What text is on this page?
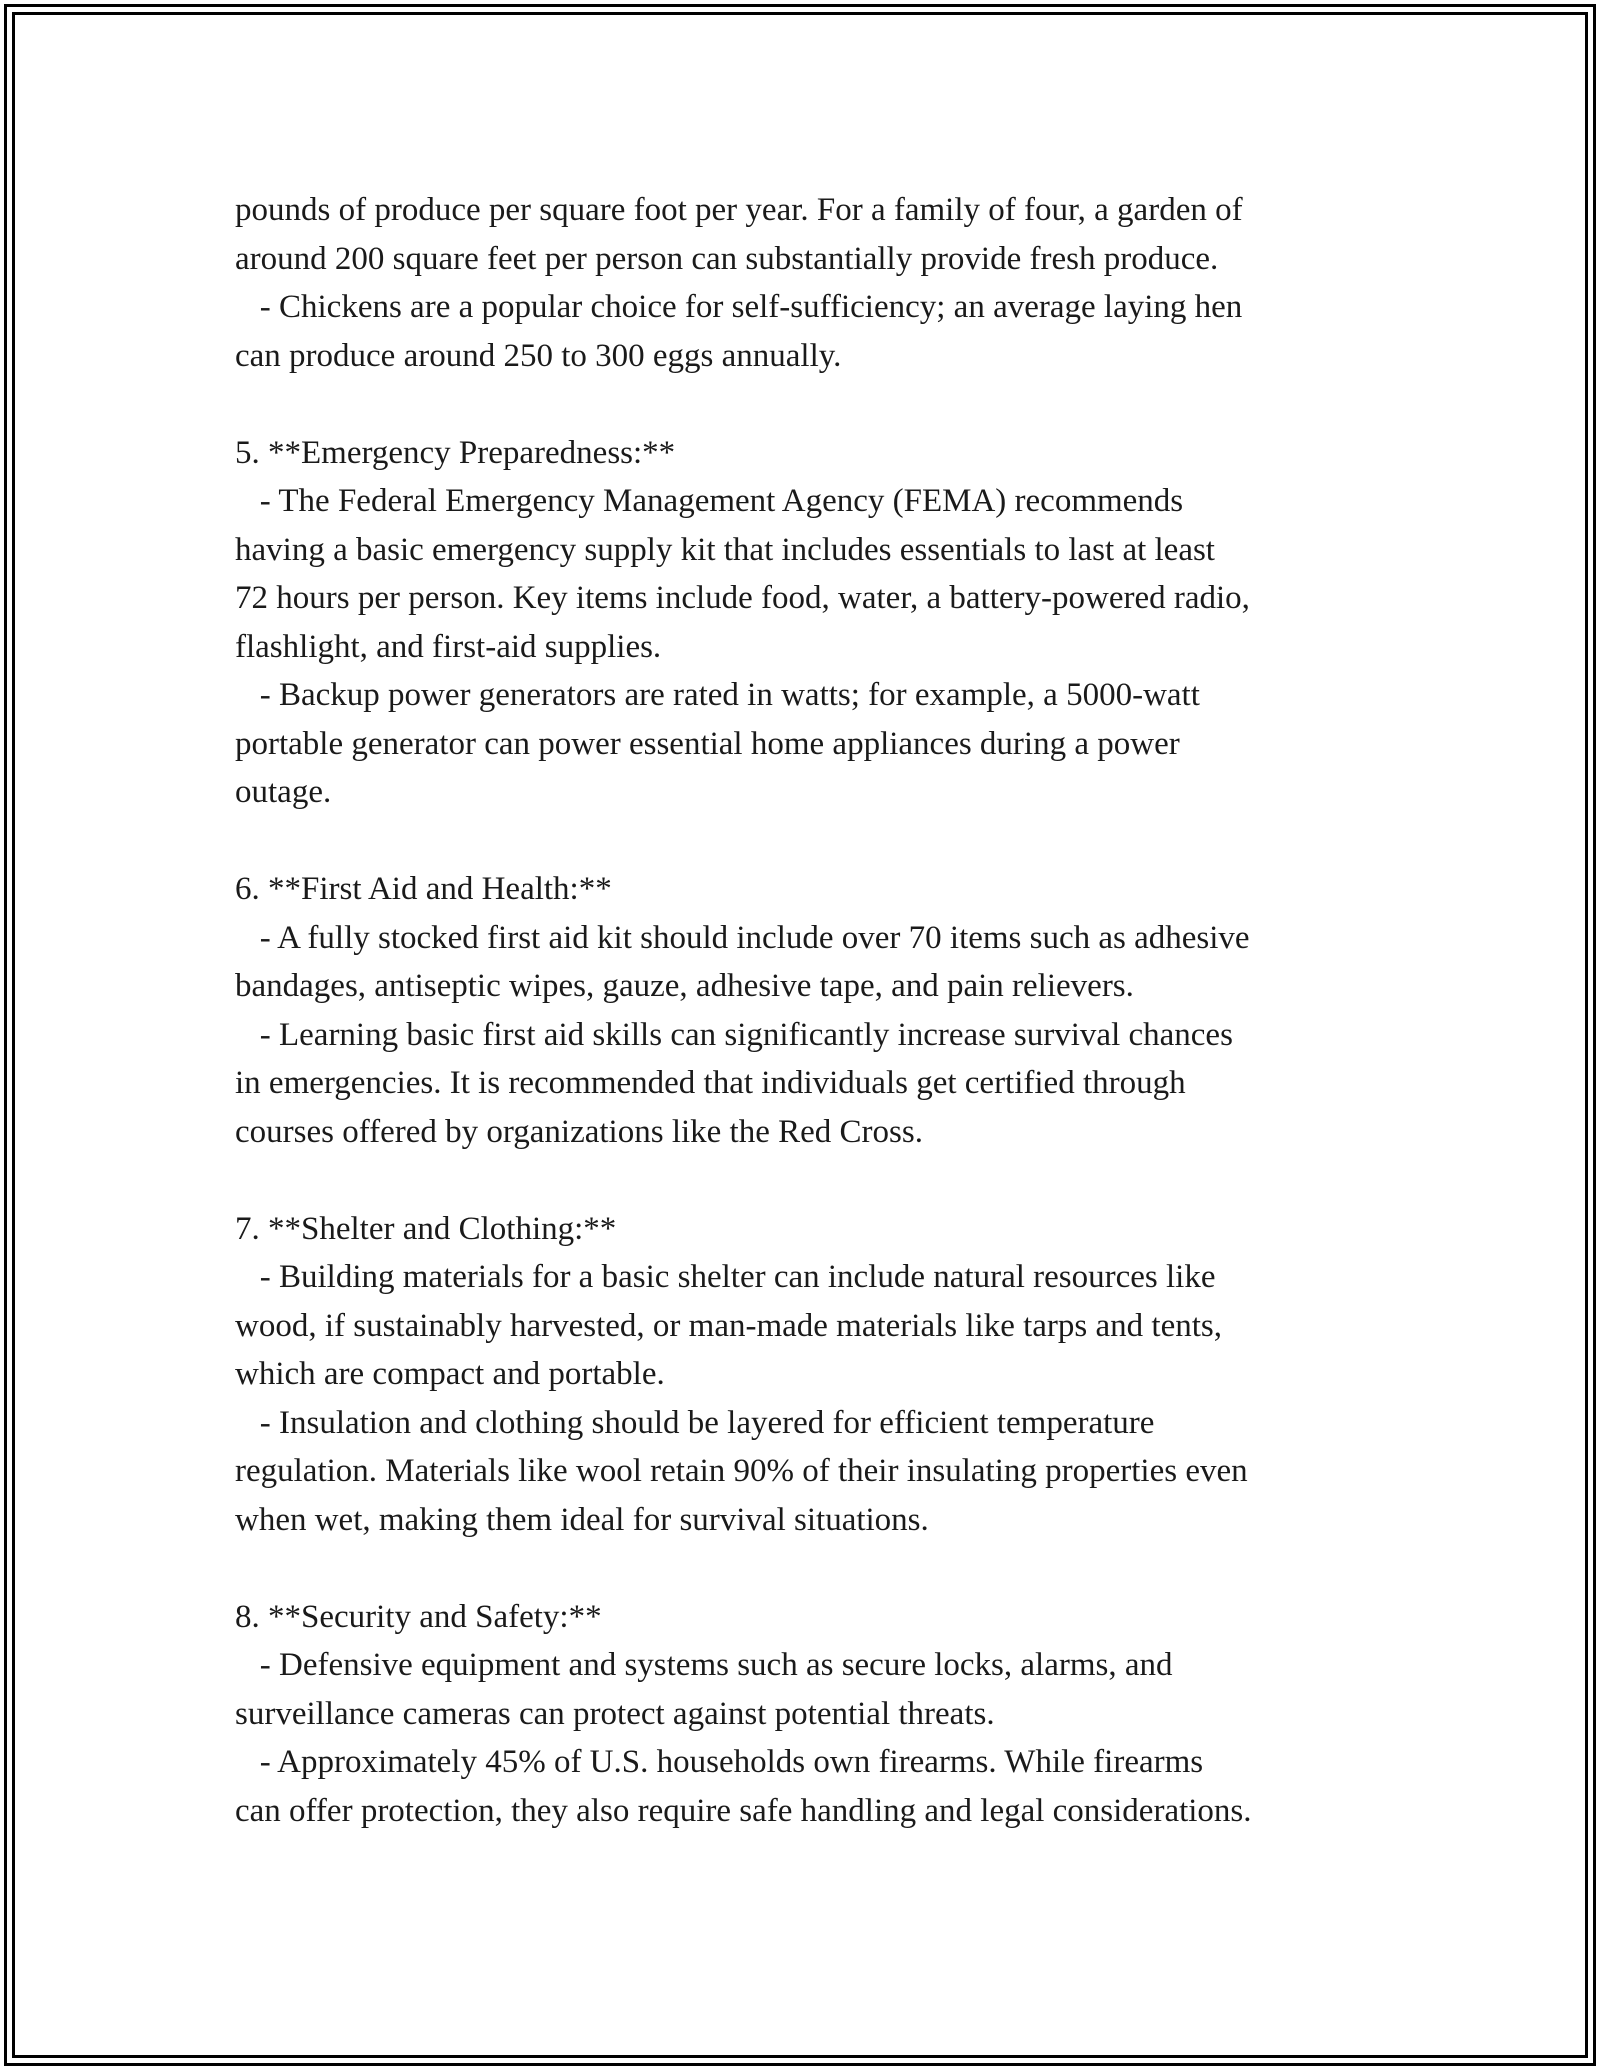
pounds of produce per square foot per year. For a family of four, a garden of
around 200 square feet per person can substantially provide fresh produce.

- Chickens are a popular choice for self-sufficiency; an average laying hen
can produce around 250 to 300 eggs annually.

5. **Emergency Preparedness:**

- The Federal Emergency Management Agency (FEMA) recommends
having a basic emergency supply kit that includes essentials to last at least
72 hours per person. Key items include food, water, a battery-powered radio,
flashlight, and first-aid supplies.

- Backup power generators are rated in watts; for example, a 5000-watt
portable generator can power essential home appliances during a power
outage.

6. **First Aid and Health:**

- A fully stocked first aid kit should include over 70 items such as adhesive
bandages, antiseptic wipes, gauze, adhesive tape, and pain relievers.

- Learning basic first aid skills can significantly increase survival chances
in emergencies. It is recommended that individuals get certified through
courses offered by organizations like the Red Cross.

7. **Shelter and Clothing:**

- Building materials for a basic shelter can include natural resources like
wood, if sustainably harvested, or man-made materials like tarps and tents,
which are compact and portable.

- Insulation and clothing should be layered for efficient temperature
regulation. Materials like wool retain 90% of their insulating properties even
when wet, making them ideal for survival situations.

8. **Security and Safety:**

- Defensive equipment and systems such as secure locks, alarms, and
surveillance cameras can protect against potential threats.

- Approximately 45% of U.S. households own firearms. While firearms
can offer protection, they also require safe handling and legal considerations.
